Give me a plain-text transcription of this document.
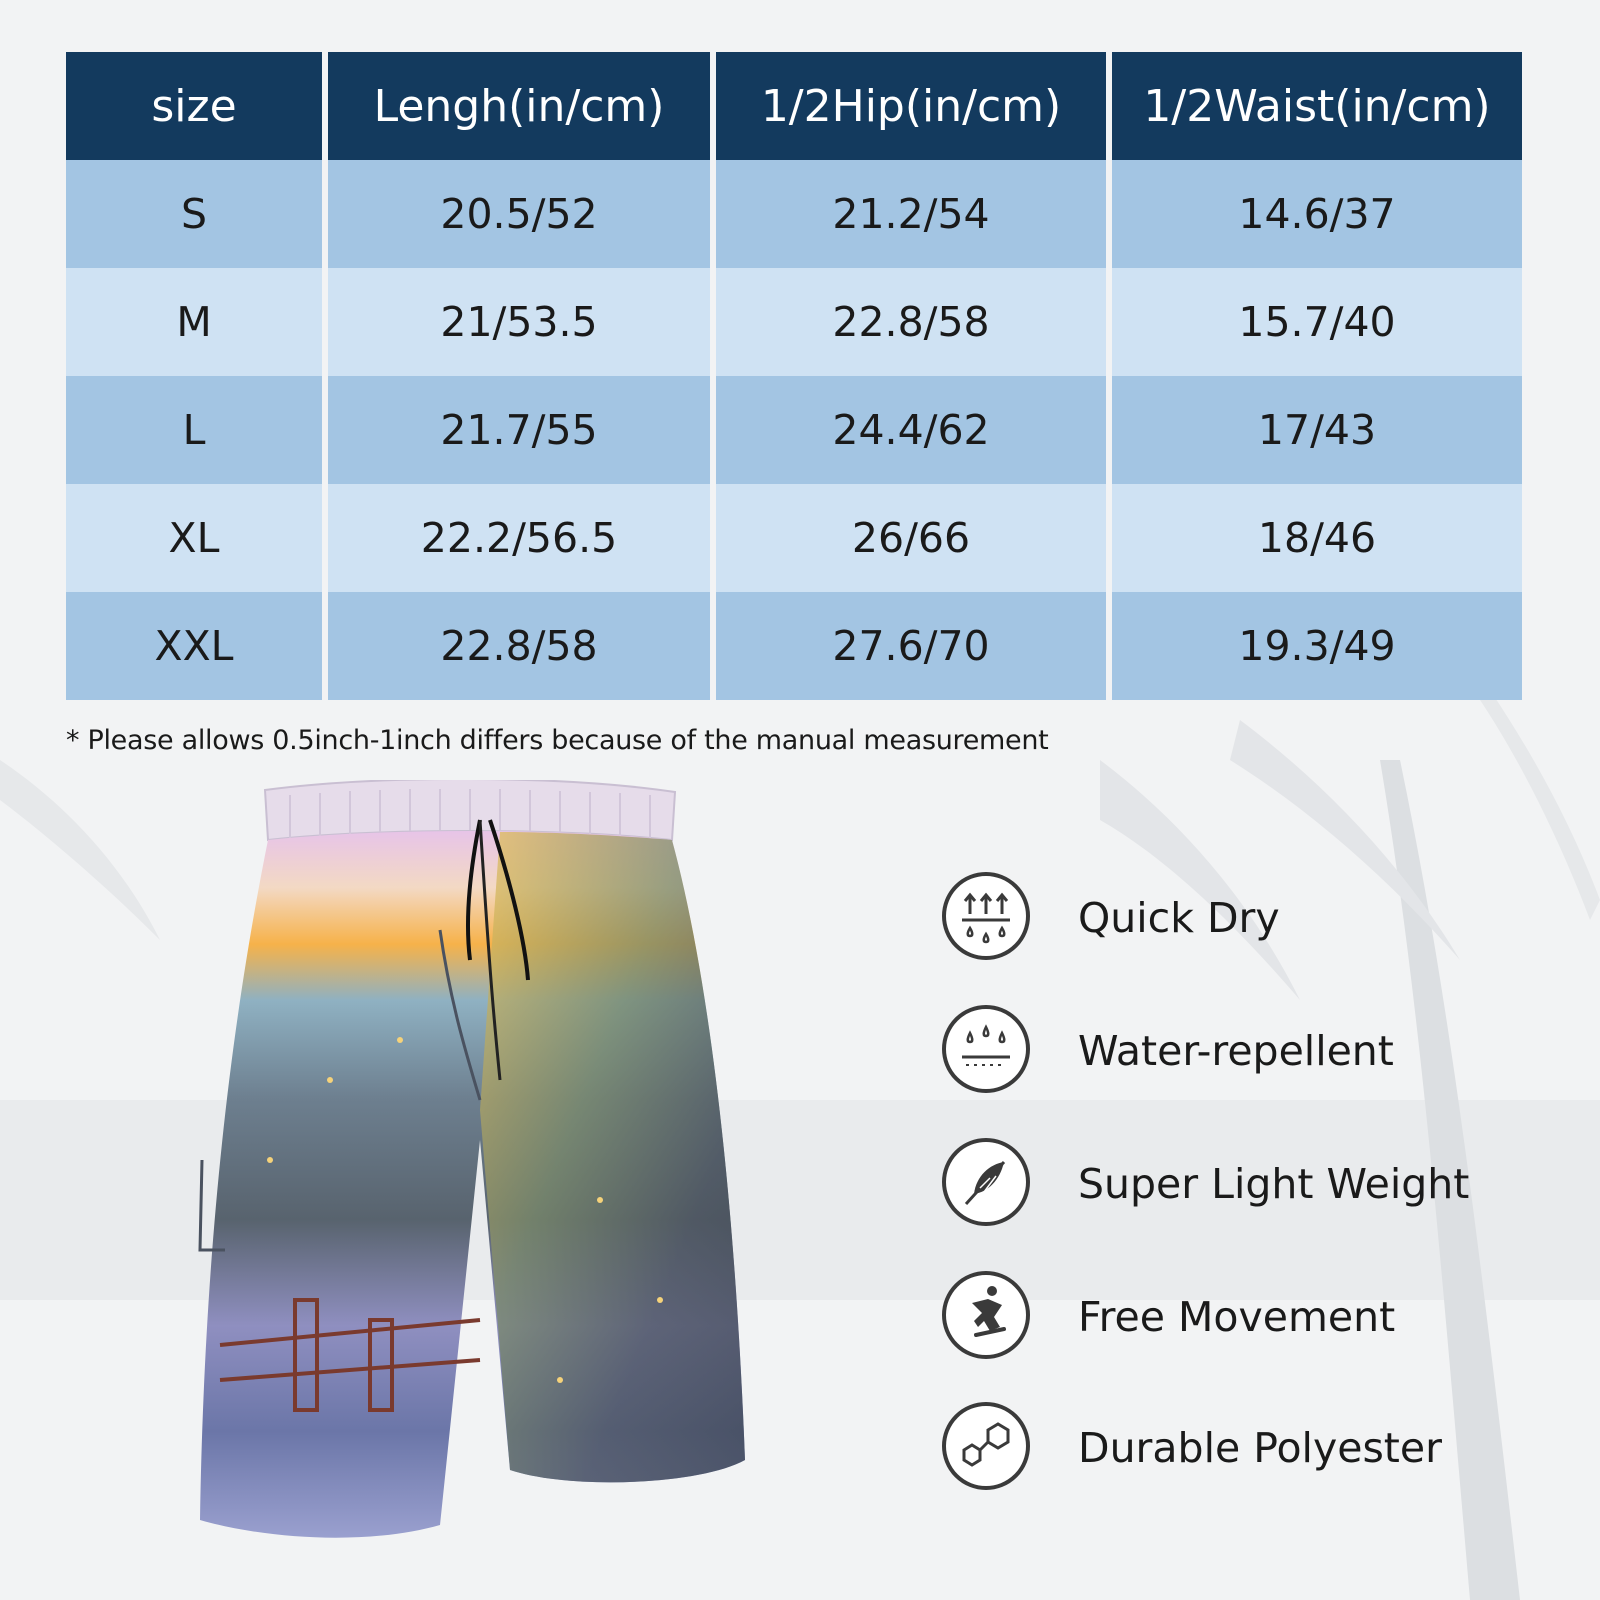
size	Lengh(in/cm)	1/2Hip(in/cm)	1/2Waist(in/cm)
S	20.5/52	21.2/54	14.6/37
M	21/53.5	22.8/58	15.7/40
L	21.7/55	24.4/62	17/43
XL	22.2/56.5	26/66	18/46
XXL	22.8/58	27.6/70	19.3/49
* Please allows 0.5inch-1inch differs because of the manual measurement
Quick Dry
Water-repellent
Super Light Weight
Free Movement
Durable Polyester
